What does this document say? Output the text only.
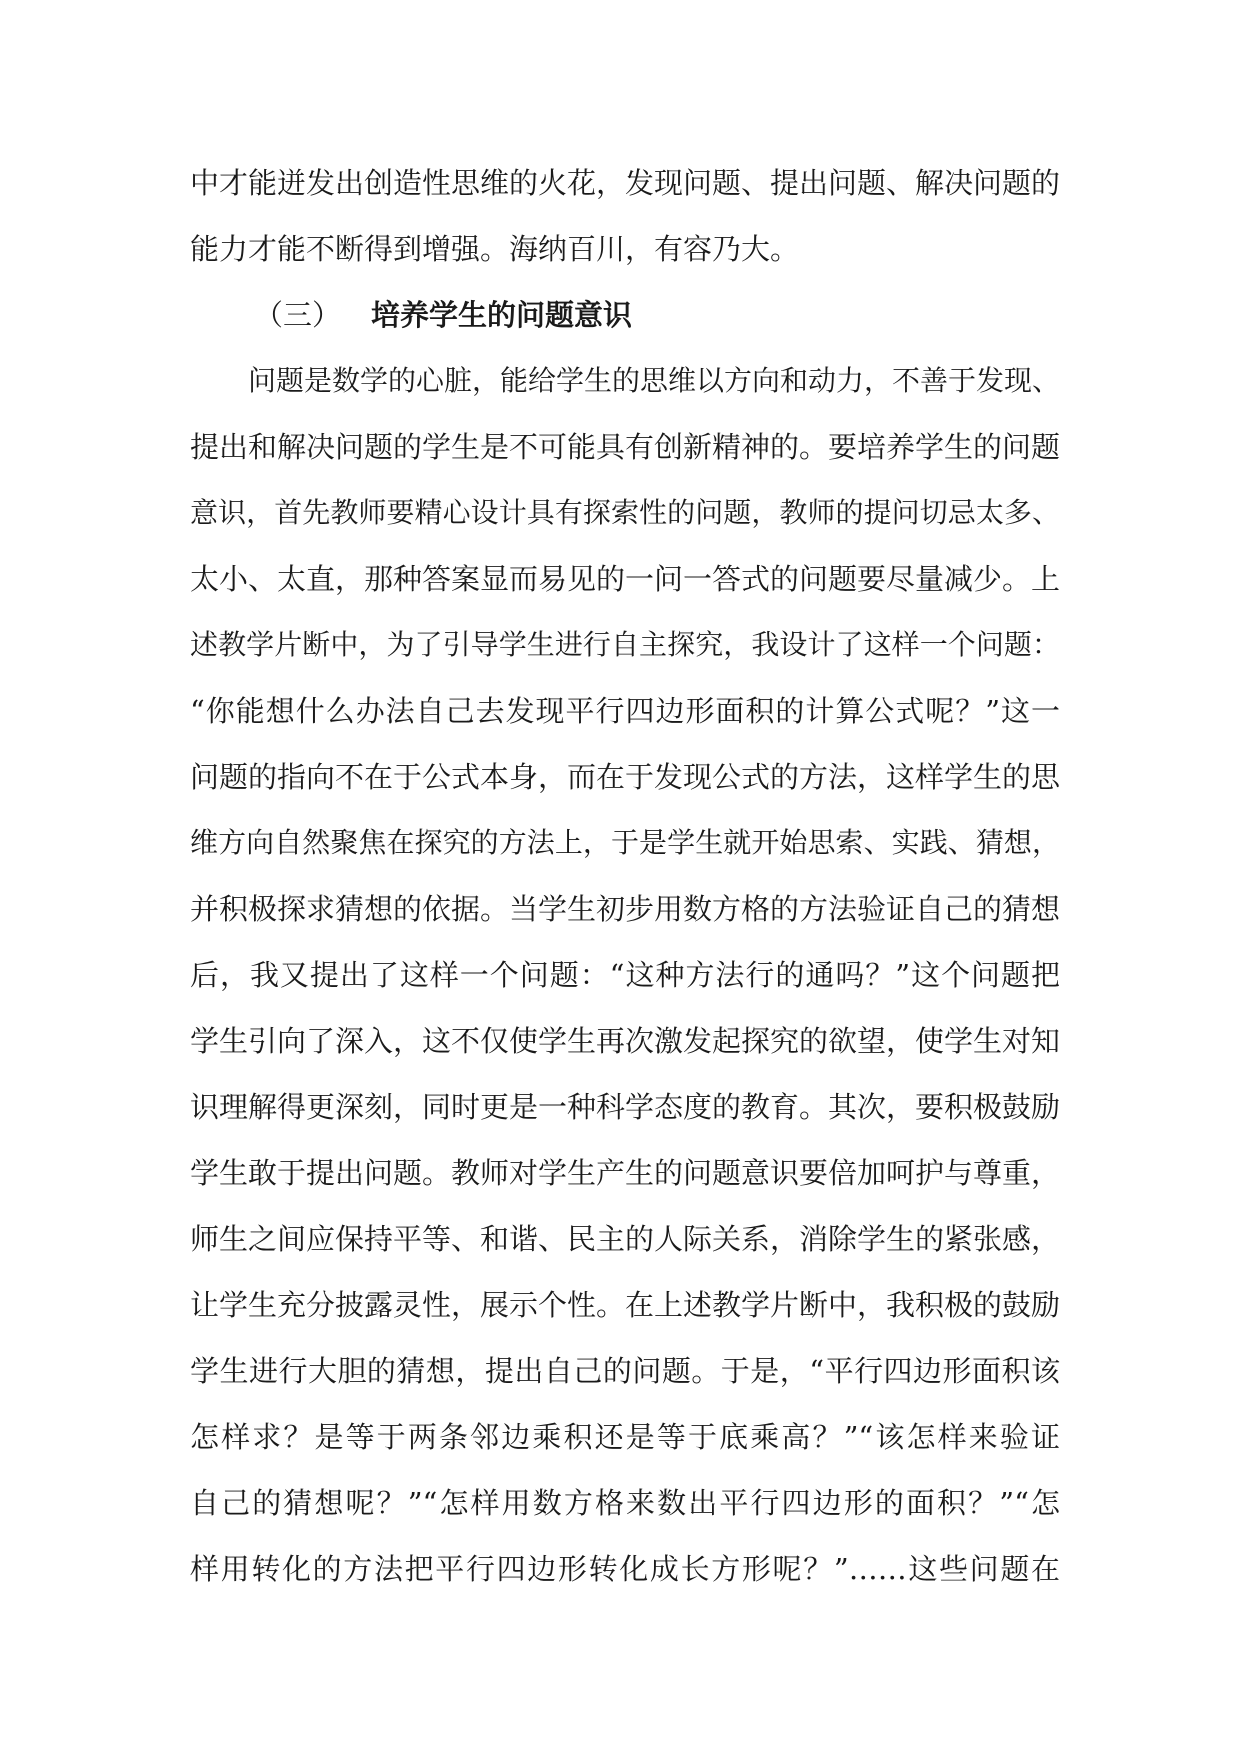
中才能迸发出创造性思维的火花，发现问题、提出问题、解决问题的
能力才能不断得到增强。海纳百川，有容乃大。
（三） 培养学生的问题意识
问题是数学的心脏，能给学生的思维以方向和动力，不善于发现、
提出和解决问题的学生是不可能具有创新精神的。要培养学生的问题
意识，首先教师要精心设计具有探索性的问题，教师的提问切忌太多、
太小、太直，那种答案显而易见的一问一答式的问题要尽量减少。上
述教学片断中，为了引导学生进行自主探究，我设计了这样一个问题：
“你能想什么办法自己去发现平行四边形面积的计算公式呢？”这一
问题的指向不在于公式本身，而在于发现公式的方法，这样学生的思
维方向自然聚焦在探究的方法上，于是学生就开始思索、实践、猜想，
并积极探求猜想的依据。当学生初步用数方格的方法验证自己的猜想
后，我又提出了这样一个问题：“这种方法行的通吗？”这个问题把
学生引向了深入，这不仅使学生再次激发起探究的欲望，使学生对知
识理解得更深刻，同时更是一种科学态度的教育。其次，要积极鼓励
学生敢于提出问题。教师对学生产生的问题意识要倍加呵护与尊重，
师生之间应保持平等、和谐、民主的人际关系，消除学生的紧张感，
让学生充分披露灵性，展示个性。在上述教学片断中，我积极的鼓励
学生进行大胆的猜想，提出自己的问题。于是，“平行四边形面积该
怎样求？是等于两条邻边乘积还是等于底乘高？”“该怎样来验证
自己的猜想呢？”“怎样用数方格来数出平行四边形的面积？”“怎
样用转化的方法把平行四边形转化成长方形呢？”……这些问题在
